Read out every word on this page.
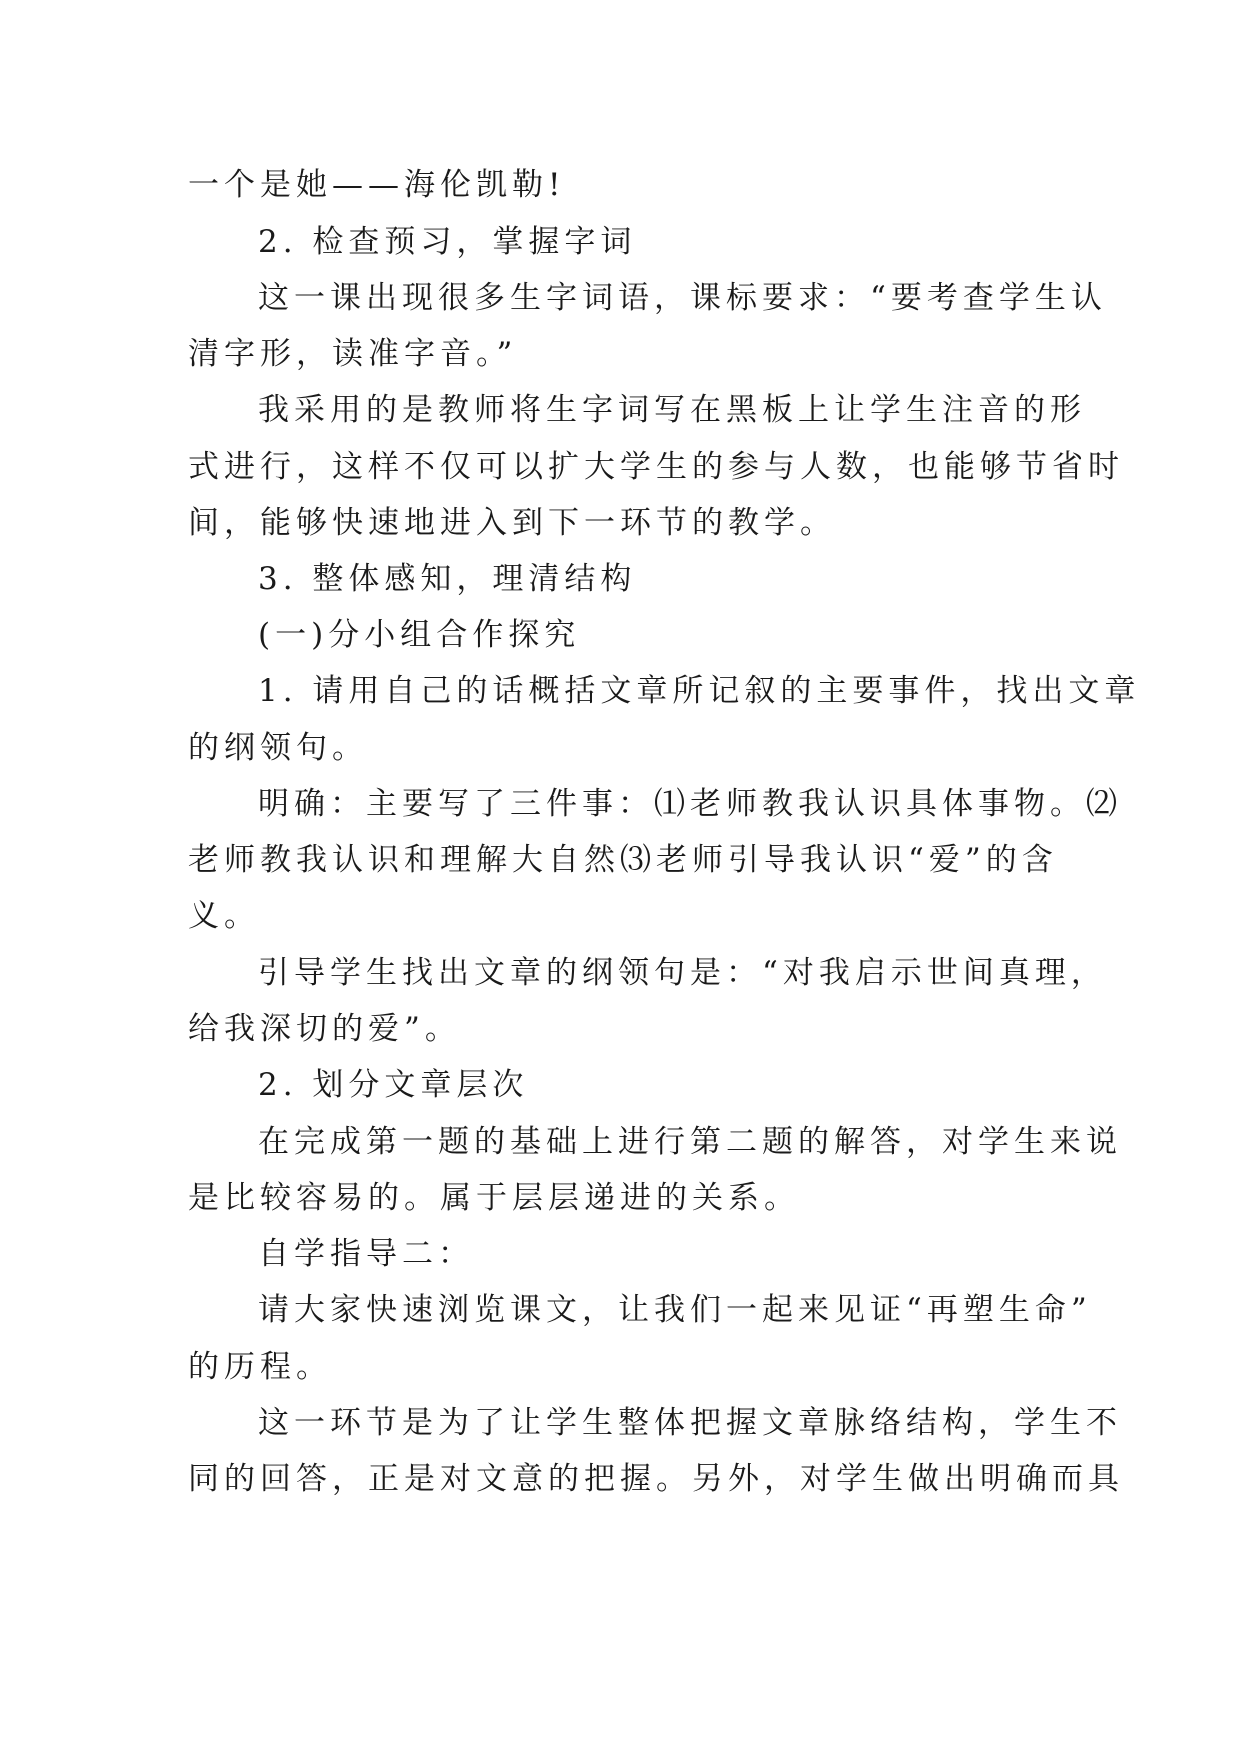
一个是她——海伦凯勒!

2. 检查预习，掌握字词

这一课出现很多生字词语，课标要求：“要考查学生认

清字形，读准字音。”

我采用的是教师将生字词写在黑板上让学生注音的形

式进行，这样不仅可以扩大学生的参与人数，也能够节省时

间，能够快速地进入到下一环节的教学。

3. 整体感知，理清结构

(一)分小组合作探究

1. 请用自己的话概括文章所记叙的主要事件，找出文章

的纲领句。

明确：主要写了三件事：⑴老师教我认识具体事物。⑵

老师教我认识和理解大自然⑶老师引导我认识“爱”的含

义。

引导学生找出文章的纲领句是：“对我启示世间真理，

给我深切的爱”。

2. 划分文章层次

在完成第一题的基础上进行第二题的解答，对学生来说

是比较容易的。属于层层递进的关系。

自学指导二：

请大家快速浏览课文，让我们一起来见证“再塑生命”

的历程。

这一环节是为了让学生整体把握文章脉络结构，学生不

同的回答，正是对文意的把握。另外，对学生做出明确而具
